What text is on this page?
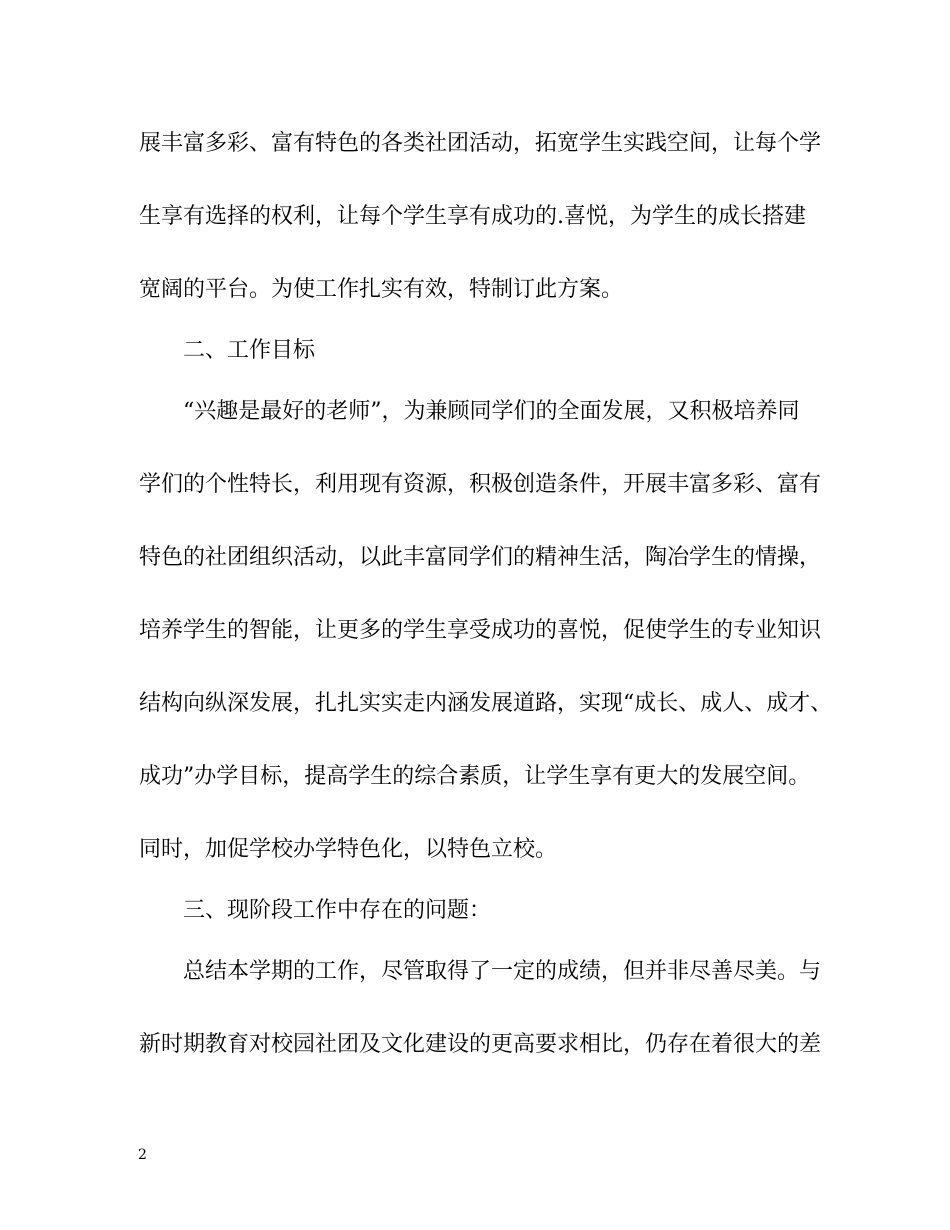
展丰富多彩、富有特色的各类社团活动，拓宽学生实践空间，让每个学
生享有选择的权利，让每个学生享有成功的.喜悦，为学生的成长搭建
宽阔的平台。为使工作扎实有效，特制订此方案。
二、工作目标
“兴趣是最好的老师”，为兼顾同学们的全面发展，又积极培养同
学们的个性特长，利用现有资源，积极创造条件，开展丰富多彩、富有
特色的社团组织活动，以此丰富同学们的精神生活，陶冶学生的情操，
培养学生的智能，让更多的学生享受成功的喜悦，促使学生的专业知识
结构向纵深发展，扎扎实实走内涵发展道路，实现“成长、成人、成才、
成功”办学目标，提高学生的综合素质，让学生享有更大的发展空间。
同时，加促学校办学特色化，以特色立校。
三、现阶段工作中存在的问题：
总结本学期的工作，尽管取得了一定的成绩，但并非尽善尽美。与
新时期教育对校园社团及文化建设的更高要求相比，仍存在着很大的差
2
